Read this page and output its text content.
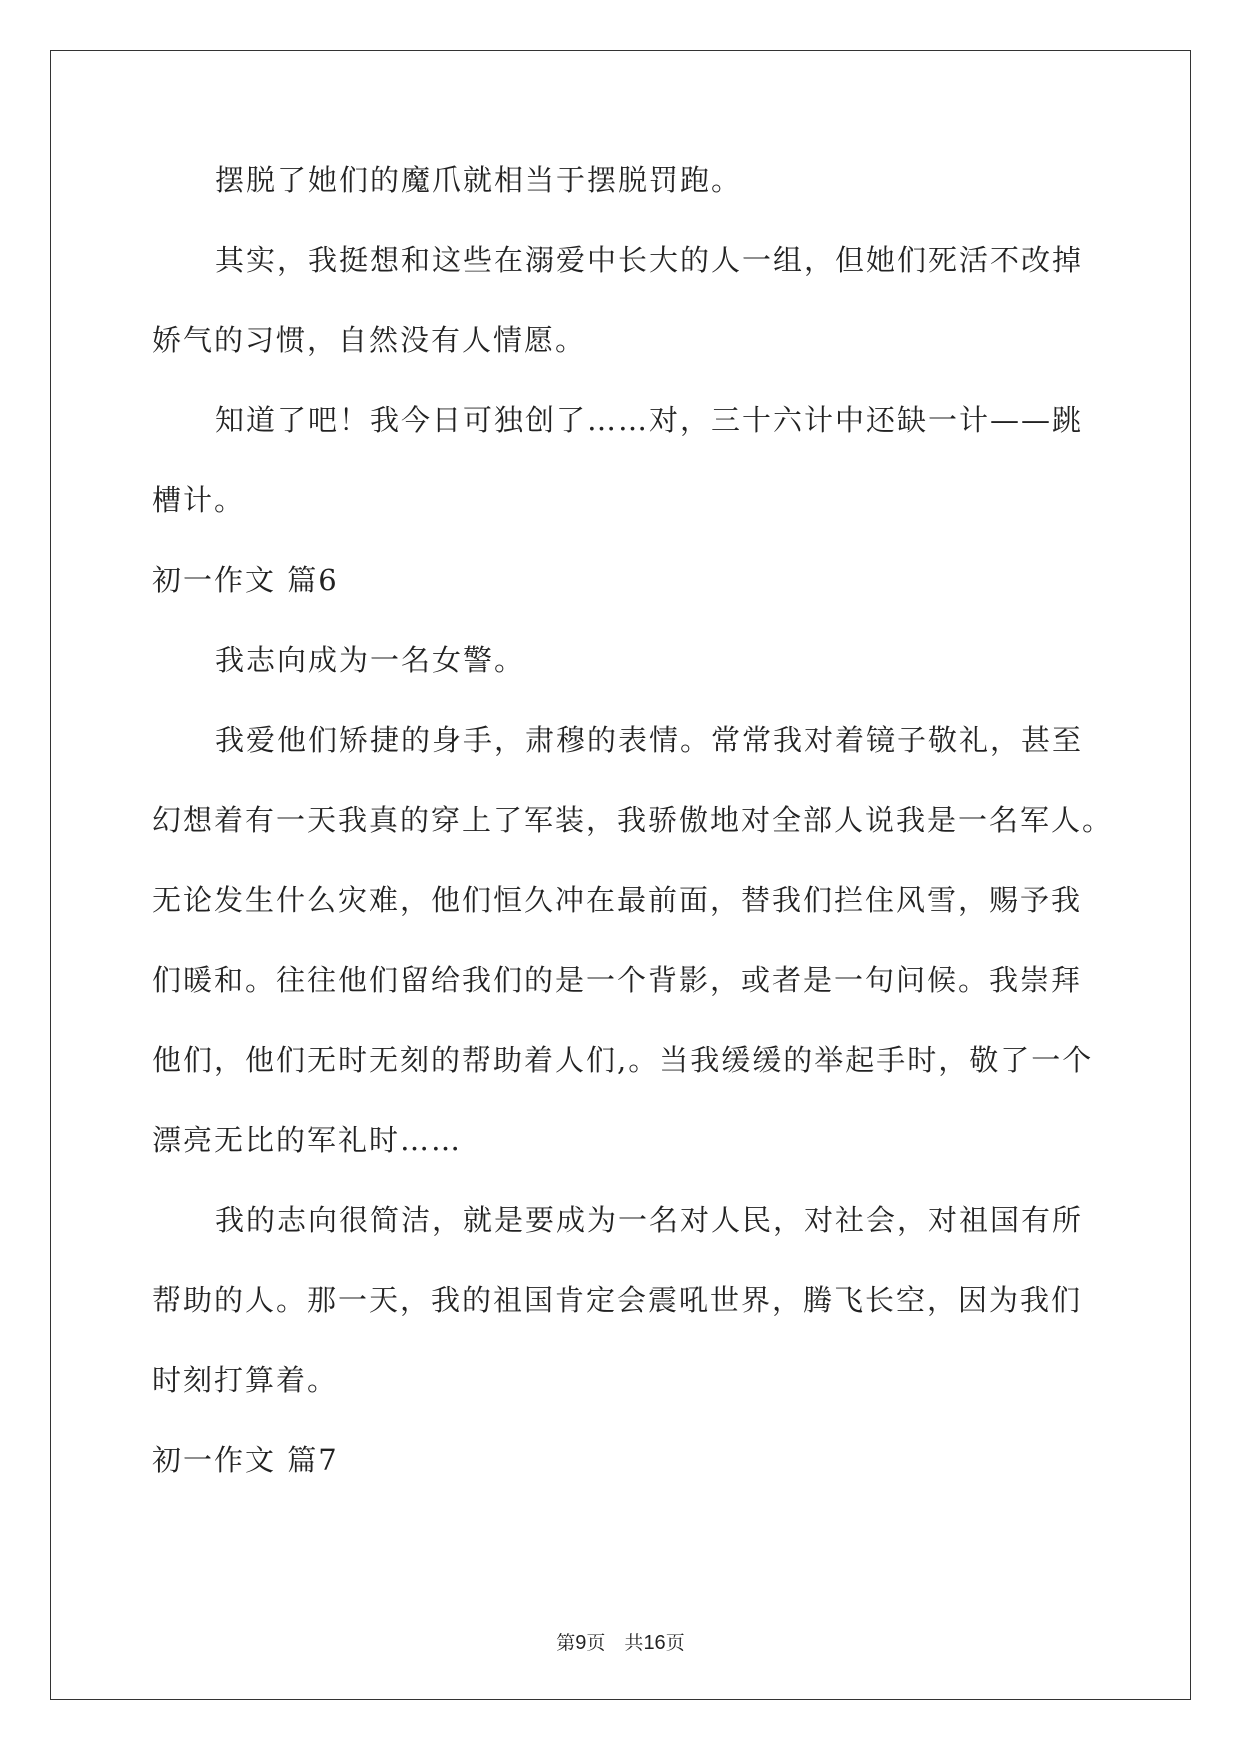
摆脱了她们的魔爪就相当于摆脱罚跑。
其实，我挺想和这些在溺爱中长大的人一组，但她们死活不改掉
娇气的习惯，自然没有人情愿。
知道了吧！我今日可独创了……对，三十六计中还缺一计——跳
槽计。
初一作文 篇6
我志向成为一名女警。
我爱他们矫捷的身手，肃穆的表情。常常我对着镜子敬礼，甚至
幻想着有一天我真的穿上了军装，我骄傲地对全部人说我是一名军人。
无论发生什么灾难，他们恒久冲在最前面，替我们拦住风雪，赐予我
们暖和。往往他们留给我们的是一个背影，或者是一句问候。我崇拜
他们，他们无时无刻的帮助着人们,。当我缓缓的举起手时，敬了一个
漂亮无比的军礼时……
我的志向很简洁，就是要成为一名对人民，对社会，对祖国有所
帮助的人。那一天，我的祖国肯定会震吼世界，腾飞长空，因为我们
时刻打算着。
初一作文 篇7
第9页　共16页
